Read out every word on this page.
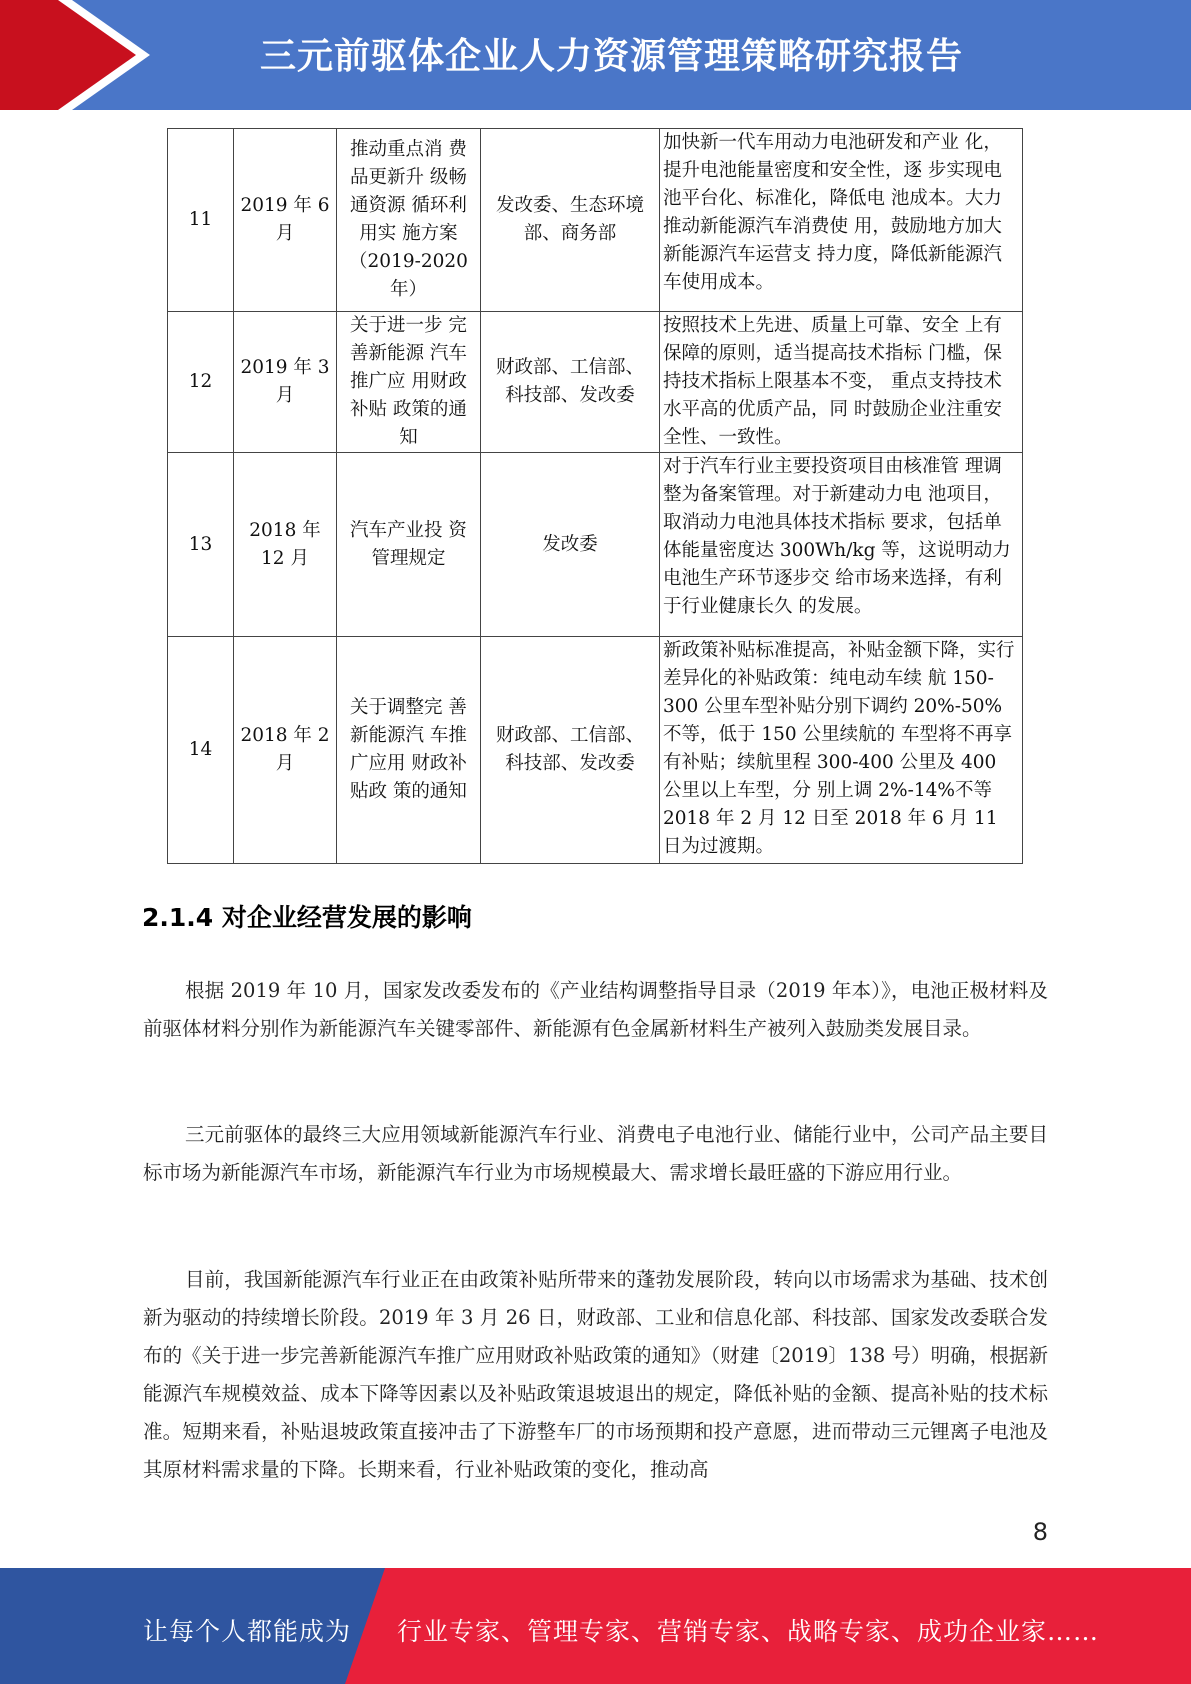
三元前驱体企业人力资源管理策略研究报告
11	2019 年 6 月	推动重点消 费品更新升 级畅通资源 循环利用实 施方案（2019-2020 年）	发改委、生态环境部、商务部	加快新一代车用动力电池研发和产业 化，提升电池能量密度和安全性，逐 步实现电池平台化、标准化，降低电 池成本。大力推动新能源汽车消费使 用，鼓励地方加大新能源汽车运营支 持力度，降低新能源汽车使用成本。
12	2019 年 3 月	关于进一步 完善新能源 汽车推广应 用财政补贴 政策的通知	财政部、工信部、科技部、发改委	按照技术上先进、质量上可靠、安全 上有保障的原则，适当提高技术指标 门槛，保持技术指标上限基本不变， 重点支持技术水平高的优质产品，同 时鼓励企业注重安全性、一致性。
13	2018 年 12 月	汽车产业投 资管理规定	发改委	对于汽车行业主要投资项目由核准管 理调整为备案管理。对于新建动力电 池项目，取消动力电池具体技术指标 要求，包括单体能量密度达 300Wh/kg 等，这说明动力电池生产环节逐步交 给市场来选择，有利于行业健康长久 的发展。
14	2018 年 2 月	关于调整完 善新能源汽 车推广应用 财政补贴政 策的通知	财政部、工信部、科技部、发改委	新政策补贴标准提高，补贴金额下降，实行差异化的补贴政策：纯电动车续 航 150-300 公里车型补贴分别下调约 20%-50%不等，低于 150 公里续航的 车型将不再享有补贴；续航里程 300-400 公里及 400 公里以上车型，分 别上调 2%-14%不等 2018 年 2 月 12 日至 2018 年 6 月 11 日为过渡期。
2.1.4 对企业经营发展的影响

根据 2019 年 10 月，国家发改委发布的《产业结构调整指导目录（2019 年本）》，电池正极材料及前驱体材料分别作为新能源汽车关键零部件、新能源有色金属新材料生产被列入鼓励类发展目录。

三元前驱体的最终三大应用领域新能源汽车行业、消费电子电池行业、储能行业中，公司产品主要目标市场为新能源汽车市场，新能源汽车行业为市场规模最大、需求增长最旺盛的下游应用行业。

目前，我国新能源汽车行业正在由政策补贴所带来的蓬勃发展阶段，转向以市场需求为基础、技术创新为驱动的持续增长阶段。2019 年 3 月 26 日，财政部、工业和信息化部、科技部、国家发改委联合发布的《关于进一步完善新能源汽车推广应用财政补贴政策的通知》（财建〔2019〕138 号）明确，根据新能源汽车规模效益、成本下降等因素以及补贴政策退坡退出的规定，降低补贴的金额、提高补贴的技术标准。短期来看，补贴退坡政策直接冲击了下游整车厂的市场预期和投产意愿，进而带动三元锂离子电池及其原材料需求量的下降。长期来看，行业补贴政策的变化，推动高

8
让每个人都能成为 行业专家、管理专家、营销专家、战略专家、成功企业家……
